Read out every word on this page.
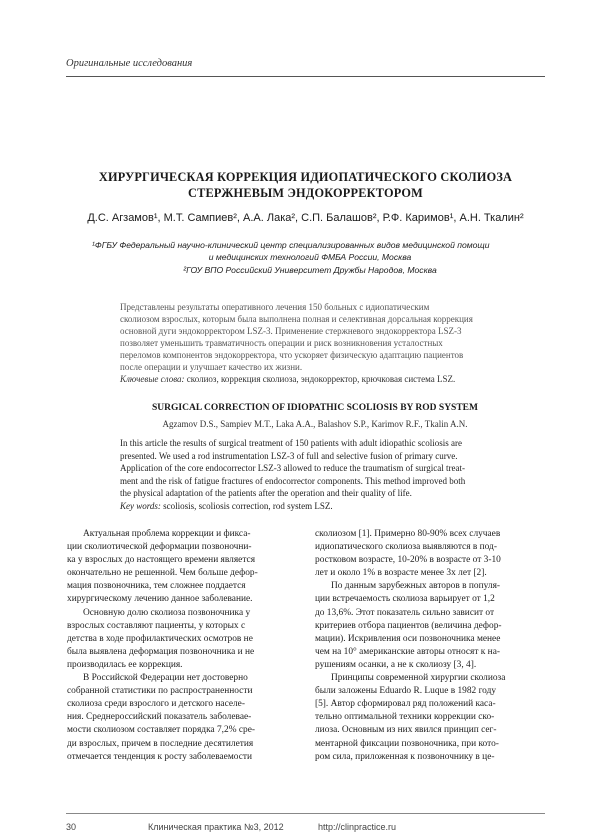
Оригинальные исследования
ХИРУРГИЧЕСКАЯ КОРРЕКЦИЯ ИДИОПАТИЧЕСКОГО СКОЛИОЗА
СТЕРЖНЕВЫМ ЭНДОКОРРЕКТОРОМ
Д.С. Агзамов¹, М.Т. Сампиев², А.А. Лака², С.П. Балашов², Р.Ф. Каримов¹, А.Н. Ткалин²
¹ФГБУ Федеральный научно-клинический центр специализированных видов медицинской помощи
и медицинских технологий ФМБА России, Москва
²ГОУ ВПО Российский Университет Дружбы Народов, Москва
Представлены результаты оперативного лечения 150 больных с идиопатическим
сколиозом взрослых, которым была выполнена полная и селективная дорсальная коррекция
основной дуги эндокорректором LSZ-3. Применение стержневого эндокорректора LSZ-3
позволяет уменьшить травматичность операции и риск возникновения усталостных
переломов компонентов эндокорректора, что ускоряет физическую адаптацию пациентов
после операции и улучшает качество их жизни.
Ключевые слова: сколиоз, коррекция сколиоза, эндокорректор, крючковая система LSZ.
SURGICAL CORRECTION OF IDIOPATHIC SCOLIOSIS BY ROD SYSTEM
Agzamov D.S., Sampiev M.T., Laka A.A., Balashov S.P., Karimov R.F., Tkalin A.N.
In this article the results of surgical treatment of 150 patients with adult idiopathic scoliosis are
presented. We used a rod instrumentation LSZ-3 of full and selective fusion of primary curve.
Application of the core endocorrector LSZ-3 allowed to reduce the traumatism of surgical treat-
ment and the risk of fatigue fractures of endocorrector components. This method improved both
the physical adaptation of the patients after the operation and their quality of life.
Key words: scoliosis, scoliosis correction, rod system LSZ.
Актуальная проблема коррекции и фикса-
ции сколиотической деформации позвоночни-
ка у взрослых до настоящего времени является
окончательно не решенной. Чем больше дефор-
мация позвоночника, тем сложнее поддается
хирургическому лечению данное заболевание.
Основную долю сколиоза позвоночника у
взрослых составляют пациенты, у которых с
детства в ходе профилактических осмотров не
была выявлена деформация позвоночника и не
производилась ее коррекция.
В Российской Федерации нет достоверно
собранной статистики по распространенности
сколиоза среди взрослого и детского населе-
ния. Среднероссийский показатель заболевае-
мости сколиозом составляет порядка 7,2% сре-
ди взрослых, причем в последние десятилетия
отмечается тенденция к росту заболеваемости
сколиозом [1]. Примерно 80-90% всех случаев
идиопатического сколиоза выявляются в под-
ростковом возрасте, 10-20% в возрасте от 3-10
лет и около 1% в возрасте менее 3х лет [2].
По данным зарубежных авторов в популя-
ции встречаемость сколиоза варьирует от 1,2
до 13,6%. Этот показатель сильно зависит от
критериев отбора пациентов (величина дефор-
мации). Искривления оси позвоночника менее
чем на 10° американские авторы относят к на-
рушениям осанки, а не к сколиозу [3, 4].
Принципы современной хирургии сколиоза
были заложены Eduardo R. Luque в 1982 году
[5]. Автор сформировал ряд положений каса-
тельно оптимальной техники коррекции ско-
лиоза. Основным из них явился принцип сег-
ментарной фиксации позвоночника, при кото-
ром сила, приложенная к позвоночнику в це-
30	Клиническая практика №3, 2012	http://clinpractice.ru
